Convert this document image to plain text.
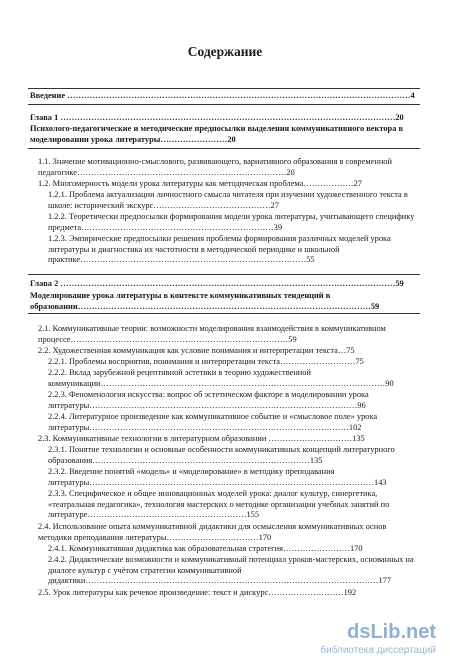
Содержание
Введение ……………………………………………………………………………………………………………4
Глава 1 …………………………………………………………………………………………………………20
Психолого-педагогические и методические предпосылки выделения коммуникативного вектора в моделировании урока литературы……………………20
1.1. Значение мотивационно-смыслового, развивающего, вариативного образования в современной педагогике…………………………………………………………………20
1.2. Многомерность модели урока литературы как методическая проблема………………27
1.2.1. Проблема актуализации личностного смысла читателя при изучении художественного текста в школе: исторический экскурс……………………………………27
1.2.2. Теоретически предпосылки формирования модели урока литературы, учитывающего специфику предмета……………………………………………………………39
1.2.3. Эмпирические предпосылки решения проблемы формирования различных моделей урока литературы и диагностика их частотности в методической периодике и школьной практике………………………………………………………………………55
Глава 2 …………………………………………………………………………………………………………59
Моделирование урока литературы в контексте коммуникативных тенденций в образовании……………………………………………………………………………………………59
2.1. Коммуникативные теории: возможности моделирования взаимодействия в коммуникативном процессе……………………………………………………………………59
2.2. Художественная коммуникация как условие понимания и интерпретации текста…75
2.2.1. Проблемы восприятия, понимания и интерпретации текста………………………75
2.2.2. Вклад зарубежной рецептивной эстетики в теорию художественной коммуникации…………………………………………………………………………………………90
2.2.3. Феноменология искусства: вопрос об эстетическом факторе в моделировании урока литературы……………………………………………………………………………………96
2.2.4. Литературное произведение как коммуникативное событие и «смысловое поле» урока литературы…………………………………………………………………………………102
2.3. Коммуникативные технологии в литературном образовании …………………………135
2.3.1. Понятие технологии и основные особенности коммуникативных концепций литературного образования……………………………………………………………………135
2.3.2. Введение понятий «модель» и «моделирование» в методику преподавания литературы…………………………………………………………………………………………143
2.3.3. Специфическое и общее инновационных моделей урока: диалог культур, синергетика, «театральная педагогика», технология мастерских о методике организации учебных занятий по литературе…………………………………………………155
2.4. Использование опыта коммуникативной дидактики для осмысления коммуникативных основ методики преподавания литературы……………………………170
2.4.1. Коммуникативная дидактика как образовательная стратегия……………………170
2.4.2. Дидактические возможности и коммуникативный потенциал уроков-мастерских, основанных на диалоге культур с учётом стратегии коммуникативной дидактики……………………………………………………………………………………………177
2.5. Урок литературы как речевое произведение: текст и дискурс………………………192
dsLib.net
библиотека диссертаций
